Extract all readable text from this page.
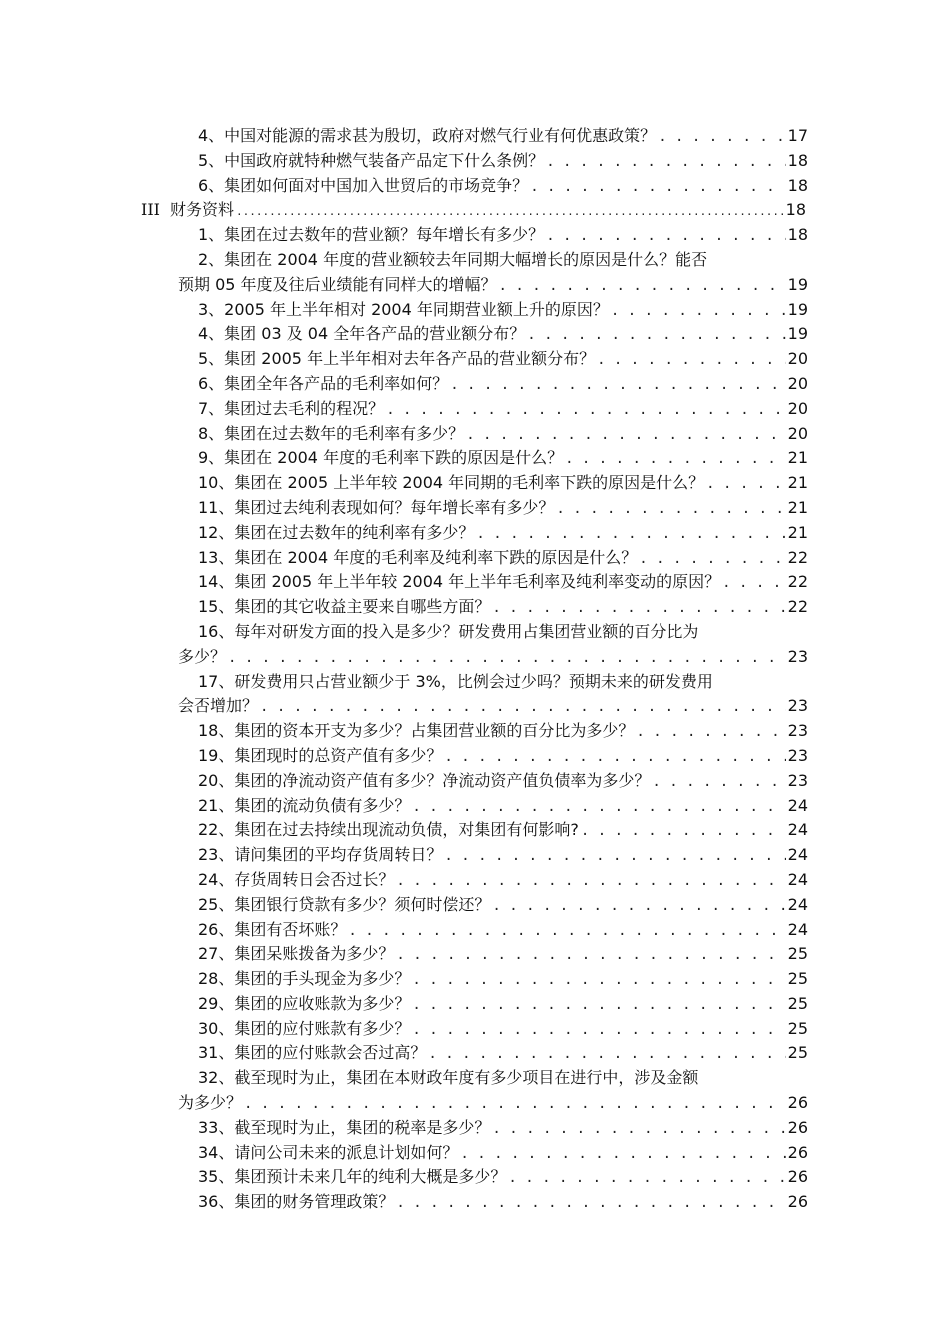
4、中国对能源的需求甚为殷切，政府对燃气行业有何优惠政策？ . . .	17
5、中国政府就特种燃气装备产品定下什么条例？ . . .	18
6、集团如何面对中国加入世贸后的市场竞争？ . . .	18
III 财务资料 .....	18
1、集团在过去数年的营业额？每年增长有多少？ . . .	18
2、集团在 2004 年度的营业额较去年同期大幅增长的原因是什么？能否
预期 05 年度及往后业绩能有同样大的增幅？ . . .	19
3、2005 年上半年相对 2004 年同期营业额上升的原因？ . . .	19
4、集团 03 及 04 全年各产品的营业额分布？ . . .	19
5、集团 2005 年上半年相对去年各产品的营业额分布？ . . .	20
6、集团全年各产品的毛利率如何？ . . .	20
7、集团过去毛利的程况？ . . .	20
8、集团在过去数年的毛利率有多少？ . . .	20
9、集团在 2004 年度的毛利率下跌的原因是什么？ . . .	21
10、集团在 2005 上半年较 2004 年同期的毛利率下跌的原因是什么？ . . .	21
11、集团过去纯利表现如何？每年增长率有多少？ . . .	21
12、集团在过去数年的纯利率有多少？ . . .	21
13、集团在 2004 年度的毛利率及纯利率下跌的原因是什么？ . . .	22
14、集团 2005 年上半年较 2004 年上半年毛利率及纯利率变动的原因？ . . .	22
15、集团的其它收益主要来自哪些方面？ . . .	22
16、每年对研发方面的投入是多少？研发费用占集团营业额的百分比为
多少？ . . .	23
17、研发费用只占营业额少于 3%，比例会过少吗？预期未来的研发费用
会否增加？ . . .	23
18、集团的资本开支为多少？占集团营业额的百分比为多少？ . . .	23
19、集团现时的总资产值有多少？ . . .	23
20、集团的净流动资产值有多少？净流动资产值负债率为多少？ . . .	23
21、集团的流动负债有多少？ . . .	24
22、集团在过去持续出现流动负债，对集团有何影响? . . .	24
23、请问集团的平均存货周转日？ . . .	24
24、存货周转日会否过长？ . . .	24
25、集团银行贷款有多少？须何时偿还？ . . .	24
26、集团有否坏账？ . . .	24
27、集团呆账拨备为多少？ . . .	25
28、集团的手头现金为多少？ . . .	25
29、集团的应收账款为多少？ . . .	25
30、集团的应付账款有多少？ . . .	25
31、集团的应付账款会否过高？ . . .	25
32、截至现时为止，集团在本财政年度有多少项目在进行中，涉及金额
为多少？ . . .	26
33、截至现时为止，集团的税率是多少？ . . .	26
34、请问公司未来的派息计划如何？ . . .	26
35、集团预计未来几年的纯利大概是多少？ . . .	26
36、集团的财务管理政策？ . . .	26
